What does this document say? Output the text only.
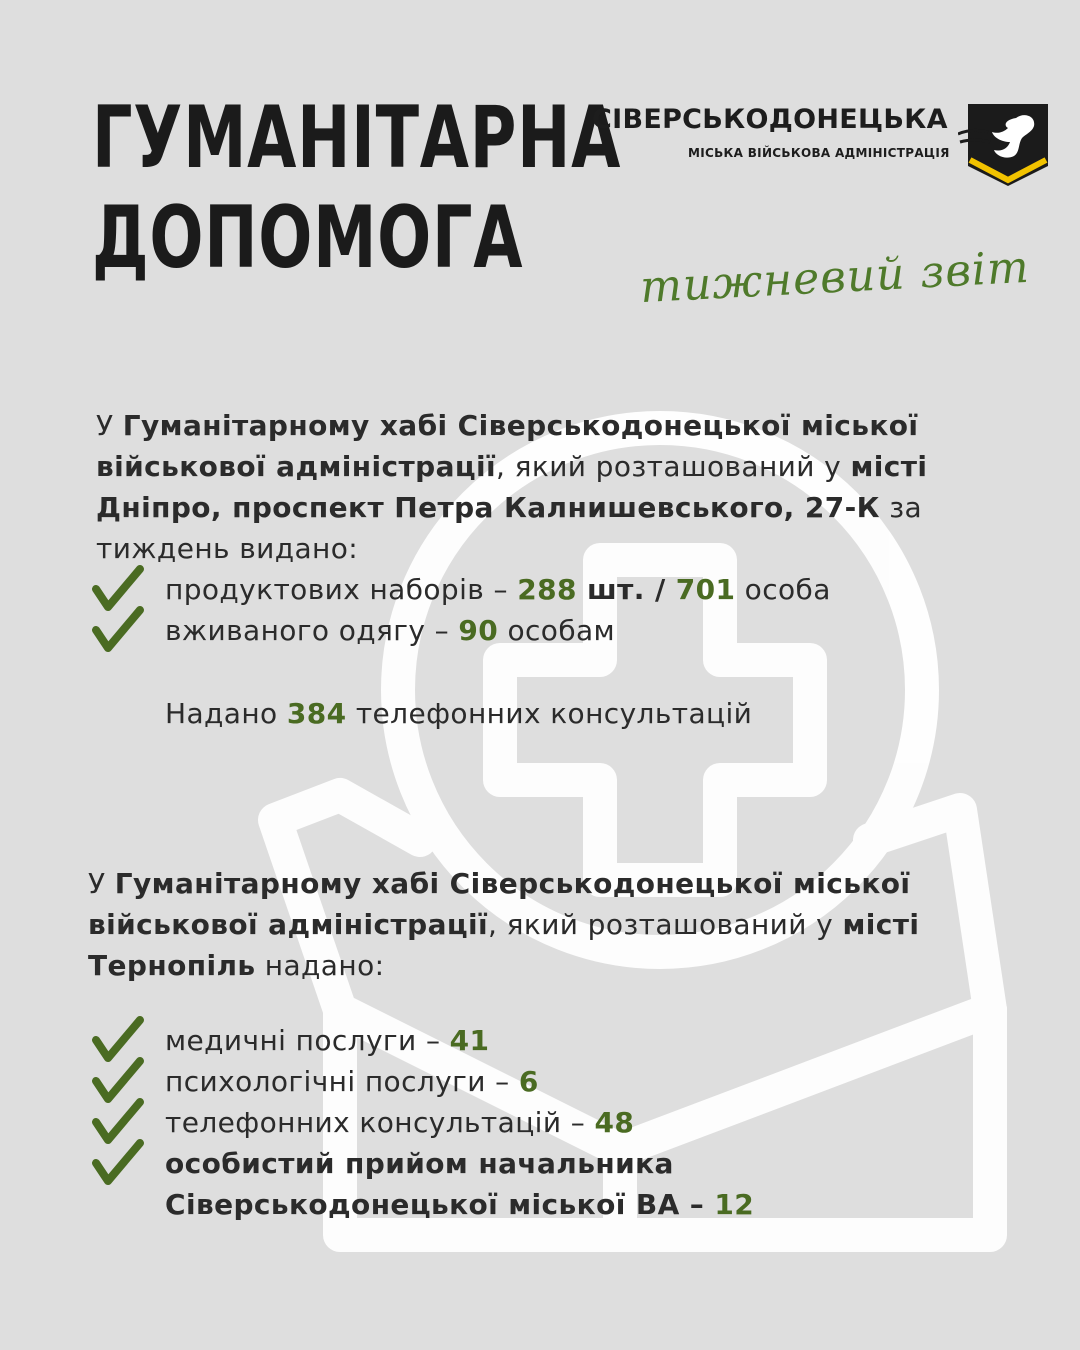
ГУМАНІТАРНА
ДОПОМОГА
СІВЕРСЬКОДОНЕЦЬКА
МІСЬКА ВІЙСЬКОВА АДМІНІСТРАЦІЯ
тижневий звіт

У Гуманітарному хабі Сіверськодонецької міської військової адміністрації, який розташований у місті Дніпро, проспект Петра Калнишевського, 27-К за тиждень видано:

продуктових наборів – 288 шт. / 701 особа
вживаного одягу – 90 особам

Надано 384 телефонних консультацій

У Гуманітарному хабі Сіверськодонецької міської військової адміністрації, який розташований у місті Тернопіль надано:

медичні послуги – 41
психологічні послуги – 6
телефонних консультацій – 48
особистий прийом начальника Сіверськодонецької міської ВА – 12
